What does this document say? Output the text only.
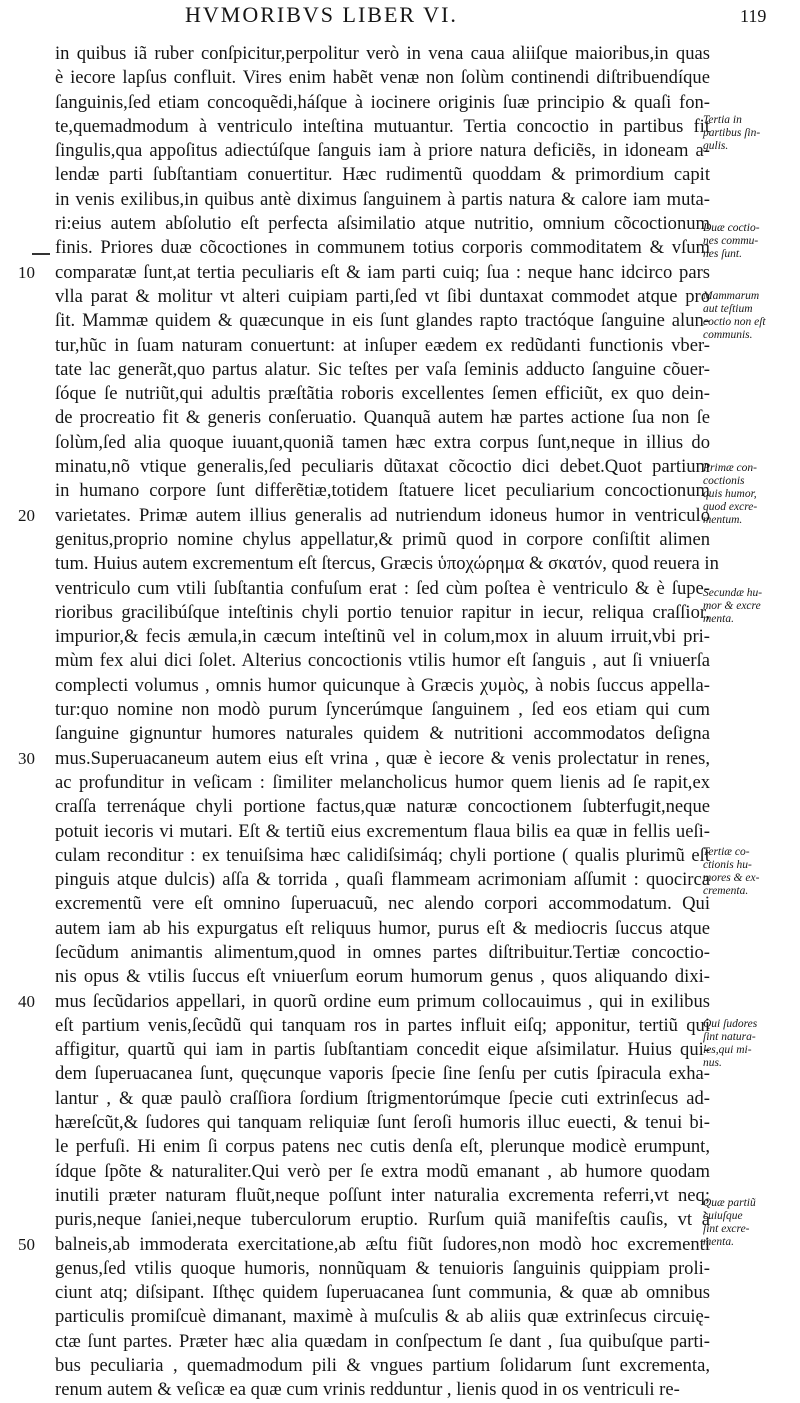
HVMORIBVS LIBER VI.	119
10
20
30
40
50
in quibus iã ruber conſpicitur,perpolitur verò in vena caua aliiſque maioribus,in quas
è iecore lapſus confluit. Vires enim habẽt venæ non ſolùm continendi diſtribuendíque
ſanguinis,ſed etiam concoquẽdi,háſque à iocinere originis ſuæ principio & quaſi fon-
te,quemadmodum à ventriculo inteſtina mutuantur. Tertia concoctio in partibus fit
ſingulis,qua appoſitus adiectúſque ſanguis iam à priore natura deficiẽs, in idoneam a-
lendæ parti ſubſtantiam conuertitur. Hæc rudimentũ quoddam & primordium capit
in venis exilibus,in quibus antè diximus ſanguinem à partis natura & calore iam muta-
ri:eius autem abſolutio eſt perfecta aſsimilatio atque nutritio, omnium cõcoctionum
finis. Priores duæ cõcoctiones in communem totius corporis commoditatem & vſum
comparatæ ſunt,at tertia peculiaris eſt & iam parti cuiq; ſua : neque hanc idcirco pars
vlla parat & molitur vt alteri cuipiam parti,ſed vt ſibi duntaxat commodet atque pro
ſit. Mammæ quidem & quæcunque in eis ſunt glandes rapto tractóque ſanguine alun-
tur,hũc in ſuam naturam conuertunt: at inſuper eædem ex redũdanti functionis vber-
tate lac generãt,quo partus alatur. Sic teſtes per vaſa ſeminis adducto ſanguine cõuer-
ſóque ſe nutriũt,qui adultis præſtãtia roboris excellentes ſemen efficiũt, ex quo dein-
de procreatio fit & generis conſeruatio. Quanquã autem hæ partes actione ſua non ſe
ſolùm,ſed alia quoque iuuant,quoniã tamen hæc extra corpus ſunt,neque in illius do
minatu,nõ vtique generalis,ſed peculiaris dũtaxat cõcoctio dici debet.Quot partium
in humano corpore ſunt differẽtiæ,totidem ſtatuere licet peculiarium concoctionum
varietates. Primæ autem illius generalis ad nutriendum idoneus humor in ventriculo
genitus,proprio nomine chylus appellatur,& primũ quod in corpore conſiſtit alimen
tum. Huius autem excrementum eſt ſtercus, Græcis ὑποχώρημα & σκατόν, quod reuera in
ventriculo cum vtili ſubſtantia confuſum erat : ſed cùm poſtea è ventriculo & è ſupe-
rioribus gracilibúſque inteſtinis chyli portio tenuior rapitur in iecur, reliqua craſſior,
impurior,& fecis æmula,in cæcum inteſtinũ vel in colum,mox in aluum irruit,vbi pri-
mùm fex alui dici ſolet. Alterius concoctionis vtilis humor eſt ſanguis , aut ſi vniuerſa
complecti volumus , omnis humor quicunque à Græcis χυμὸς, à nobis ſuccus appella-
tur:quo nomine non modò purum ſyncerúmque ſanguinem , ſed eos etiam qui cum
ſanguine gignuntur humores naturales quidem & nutritioni accommodatos deſigna
mus.Superuacaneum autem eius eſt vrina , quæ è iecore & venis prolectatur in renes,
ac profunditur in veſicam : ſimiliter melancholicus humor quem lienis ad ſe rapit,ex
craſſa terrenáque chyli portione factus,quæ naturæ concoctionem ſubterfugit,neque
potuit iecoris vi mutari. Eſt & tertiũ eius excrementum flaua bilis ea quæ in fellis ueſi-
culam reconditur : ex tenuiſsima hæc calidiſsimáq; chyli portione ( qualis plurimũ eſt
pinguis atque dulcis) aſſa & torrida , quaſi flammeam acrimoniam aſſumit : quocirca
excrementũ vere eſt omnino ſuperuacuũ, nec alendo corpori accommodatum. Qui
autem iam ab his expurgatus eſt reliquus humor, purus eſt & mediocris ſuccus atque
ſecũdum animantis alimentum,quod in omnes partes diſtribuitur.Tertiæ concoctio-
nis opus & vtilis ſuccus eſt vniuerſum eorum humorum genus , quos aliquando dixi-
mus ſecũdarios appellari, in quorũ ordine eum primum collocauimus , qui in exilibus
eſt partium venis,ſecũdũ qui tanquam ros in partes influit eiſq; apponitur, tertiũ qui
affigitur, quartũ qui iam in partis ſubſtantiam concedit eique aſsimilatur. Huius qui-
dem ſuperuacanea ſunt, quęcunque vaporis ſpecie ſine ſenſu per cutis ſpiracula exha-
lantur , & quæ paulò craſſiora ſordium ſtrigmentorúmque ſpecie cuti extrinſecus ad-
hæreſcũt,& ſudores qui tanquam reliquiæ ſunt ſeroſi humoris illuc euecti, & tenui bi-
le perfuſi. Hi enim ſi corpus patens nec cutis denſa eſt, plerunque modicè erumpunt,
ídque ſpõte & naturaliter.Qui verò per ſe extra modũ emanant , ab humore quodam
inutili præter naturam fluũt,neque poſſunt inter naturalia excrementa referri,vt neq;
puris,neque ſaniei,neque tuberculorum eruptio. Rurſum quiã manifeſtis cauſis, vt à
balneis,ab immoderata exercitatione,ab æſtu fiũt ſudores,non modò hoc excrementi
genus,ſed vtilis quoque humoris, nonnũquam & tenuioris ſanguinis quippiam proli-
ciunt atq; diſsipant. Iſthęc quidem ſuperuacanea ſunt communia, & quæ ab omnibus
particulis promiſcuè dimanant, maximè à muſculis & ab aliis quæ extrinſecus circuię-
ctæ ſunt partes. Præter hæc alia quædam in conſpectum ſe dant , ſua quibuſque parti-
bus peculiaria , quemadmodum pili & vngues partium ſolidarum ſunt excrementa,
renum autem & veſicæ ea quæ cum vrinis redduntur , lienis quod in os ventriculi re-
Tertia in
partibus ſin-
gulis.
Duæ coctio-
nes commu-
nes ſunt.
Mammarum
aut teſtium
coctio non eſt
communis.
Primæ con-
coctionis
quis humor,
quod excre-
mentum.
Secundæ hu-
mor & excre
menta.
Tertiæ co-
ctionis hu-
mores & ex-
crementa.
Qui ſudores
ſint natura-
les,qui mi-
nus.
Quæ partiũ
cuiuſque
ſint excre-
menta.
